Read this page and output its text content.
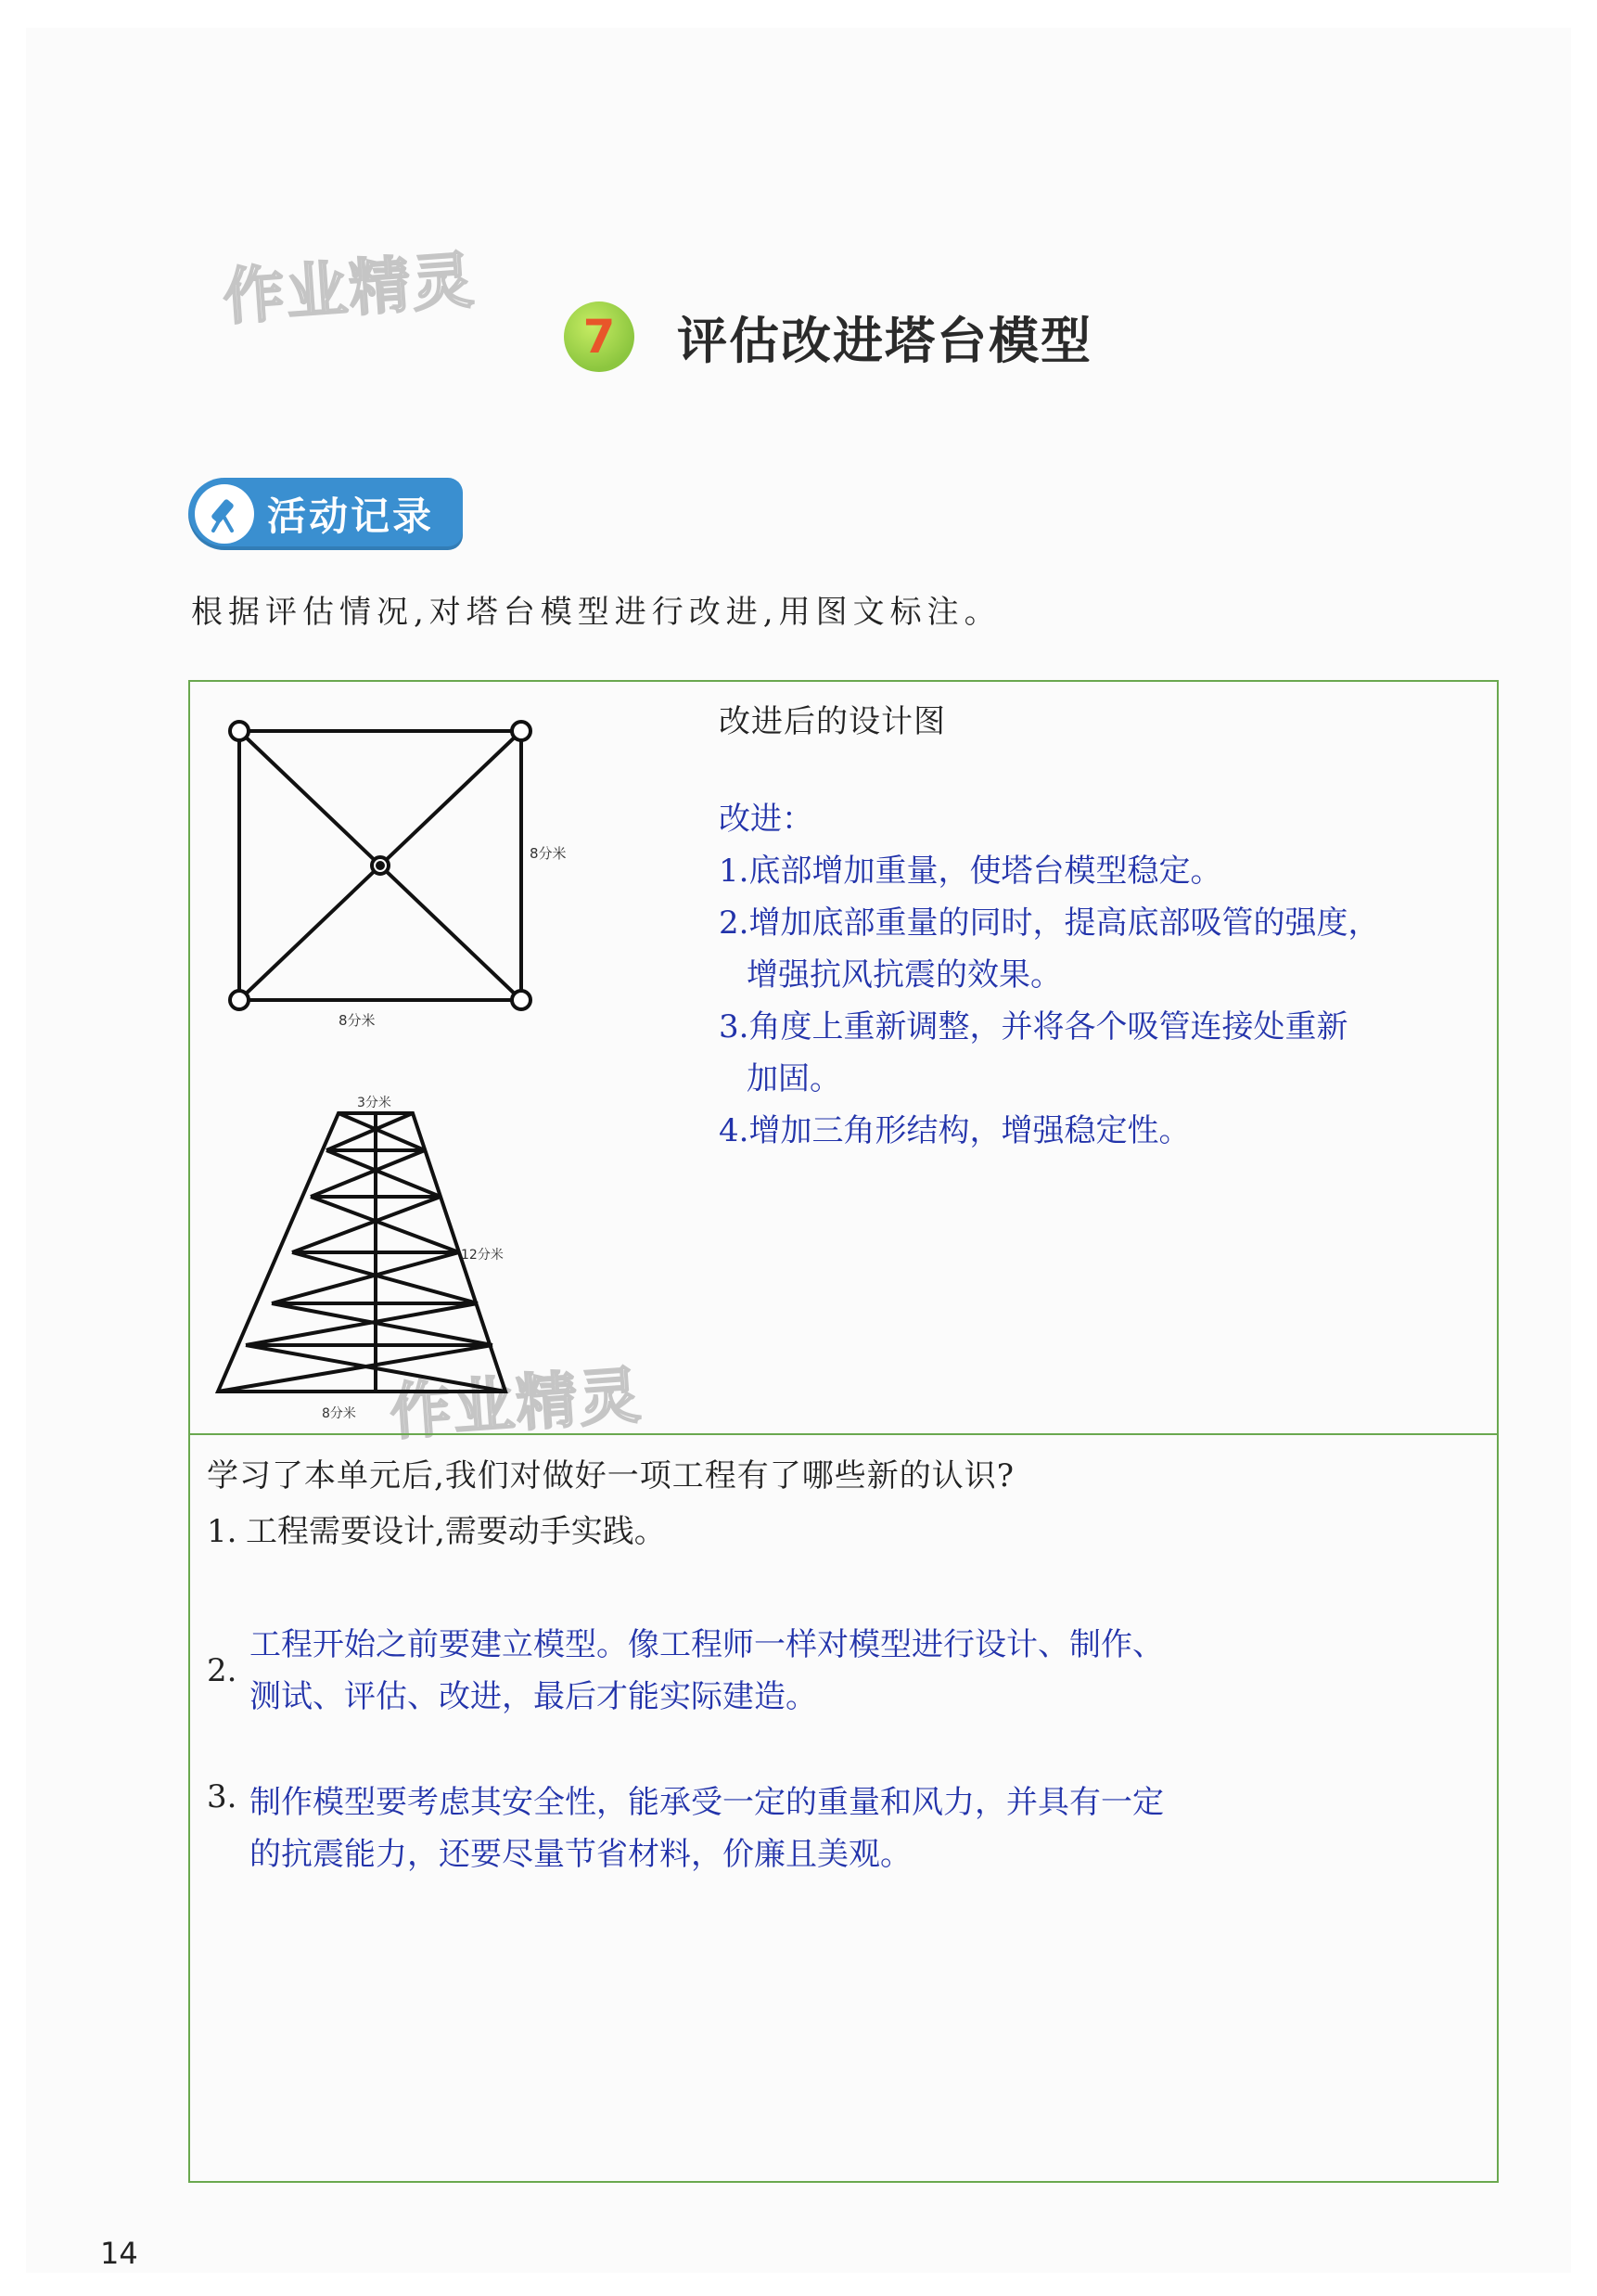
作业精灵
作业精灵
7	评估改进塔台模型
活动记录
根据评估情况,对塔台模型进行改进,用图文标注。
8分米
8分米
3分米
12分米
8分米
改进后的设计图
改进：
1.底部增加重量，使塔台模型稳定。
2.增加底部重量的同时，提高底部吸管的强度，
增强抗风抗震的效果。
3.角度上重新调整，并将各个吸管连接处重新
加固。
4.增加三角形结构，增强稳定性。
学习了本单元后,我们对做好一项工程有了哪些新的认识?
1. 工程需要设计,需要动手实践。
2.
工程开始之前要建立模型。像工程师一样对模型进行设计、制作、
测试、评估、改进，最后才能实际建造。
3. 制作模型要考虑其安全性，能承受一定的重量和风力，并具有一定
的抗震能力，还要尽量节省材料，价廉且美观。
14
